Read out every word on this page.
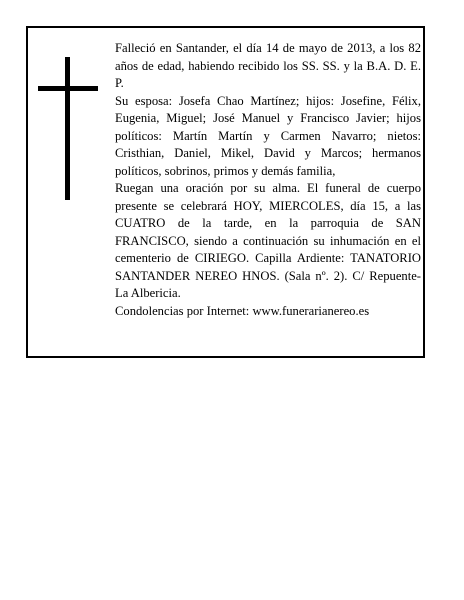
Falleció en Santander, el día 14 de mayo de 2013, a los 82 años de edad, habiendo recibido los SS. SS. y la B.A. D. E. P.

Su esposa: Josefa Chao Martínez; hijos: Josefine, Félix, Eugenia, Miguel; José Manuel y Francisco Javier; hijos políticos: Martín Martín y Carmen Navarro; nietos: Cristhian, Daniel, Mikel, David y Marcos; hermanos políticos, sobrinos, primos y demás familia,

Ruegan una oración por su alma. El funeral de cuerpo presente se celebrará HOY, MIERCOLES, día 15, a las CUATRO de la tarde, en la parroquia de SAN FRANCISCO, siendo a continuación su inhumación en el cementerio de CIRIEGO. Capilla Ardiente: TANATORIO SANTANDER NEREO HNOS. (Sala nº. 2). C/ Repuente-La Albericia.

Condolencias por Internet: www.funerarianereo.es
